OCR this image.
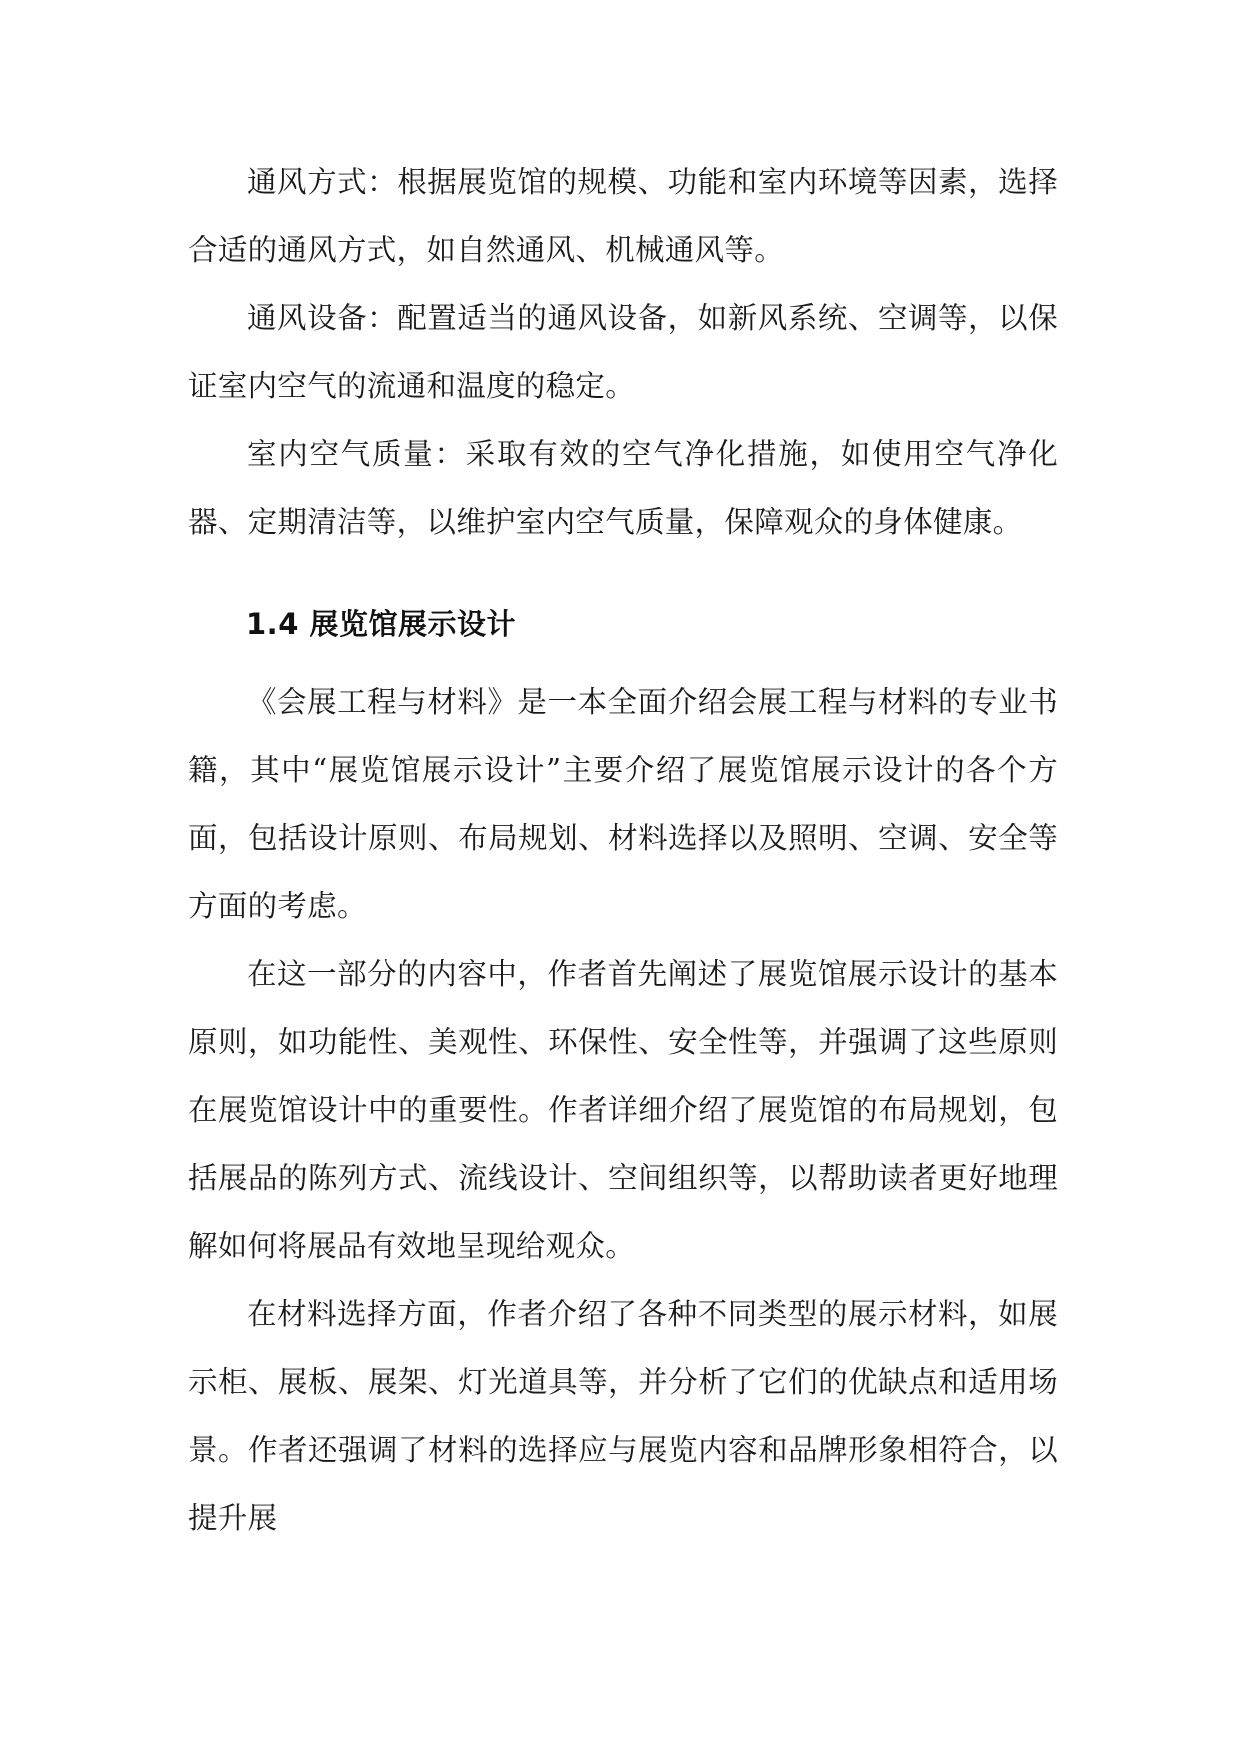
通风方式：根据展览馆的规模、功能和室内环境等因素，选择合适的通风方式，如自然通风、机械通风等。

通风设备：配置适当的通风设备，如新风系统、空调等，以保证室内空气的流通和温度的稳定。

室内空气质量：采取有效的空气净化措施，如使用空气净化器、定期清洁等，以维护室内空气质量，保障观众的身体健康。

1.4 展览馆展示设计

《会展工程与材料》是一本全面介绍会展工程与材料的专业书籍，其中“展览馆展示设计”主要介绍了展览馆展示设计的各个方面，包括设计原则、布局规划、材料选择以及照明、空调、安全等方面的考虑。

在这一部分的内容中，作者首先阐述了展览馆展示设计的基本原则，如功能性、美观性、环保性、安全性等，并强调了这些原则在展览馆设计中的重要性。作者详细介绍了展览馆的布局规划，包括展品的陈列方式、流线设计、空间组织等，以帮助读者更好地理解如何将展品有效地呈现给观众。

在材料选择方面，作者介绍了各种不同类型的展示材料，如展示柜、展板、展架、灯光道具等，并分析了它们的优缺点和适用场景。作者还强调了材料的选择应与展览内容和品牌形象相符合，以提升展
